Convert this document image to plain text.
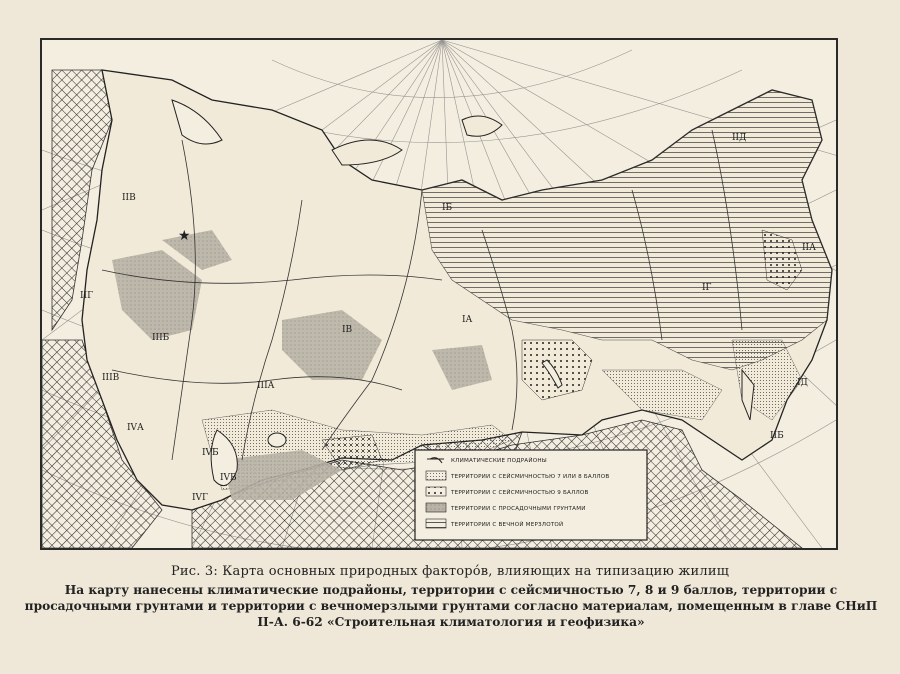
★
IБ
IА
IВ
IГ
IIА
IIБ
IIВ
IIГ
IIIА
IIIБ
IIIВ
IVА
IVБ
IVВ
IVГ
IД
IIД
КЛИМАТИЧЕСКИЕ ПОДРАЙОНЫ
ТЕРРИТОРИИ С СЕЙСМИЧНОСТЬЮ 7 ИЛИ 8 БАЛЛОВ
ТЕРРИТОРИИ С СЕЙСМИЧНОСТЬЮ 9 БАЛЛОВ
ТЕРРИТОРИИ С ПРОСАДОЧНЫМИ ГРУНТАМИ
ТЕРРИТОРИИ С ВЕЧНОЙ МЕРЗЛОТОЙ
Рис. 3: Карта основных природных факторо́в, влияющих на типизацию жилищ
На карту нанесены климатические подрайоны, территории с сейсмичностью 7, 8 и 9 баллов, территории с просадочными грунтами и территории с вечномерзлыми грунтами согласно материалам, помещенным в главе СНиП II-А. 6-62 «Строительная климатология и геофизика»
